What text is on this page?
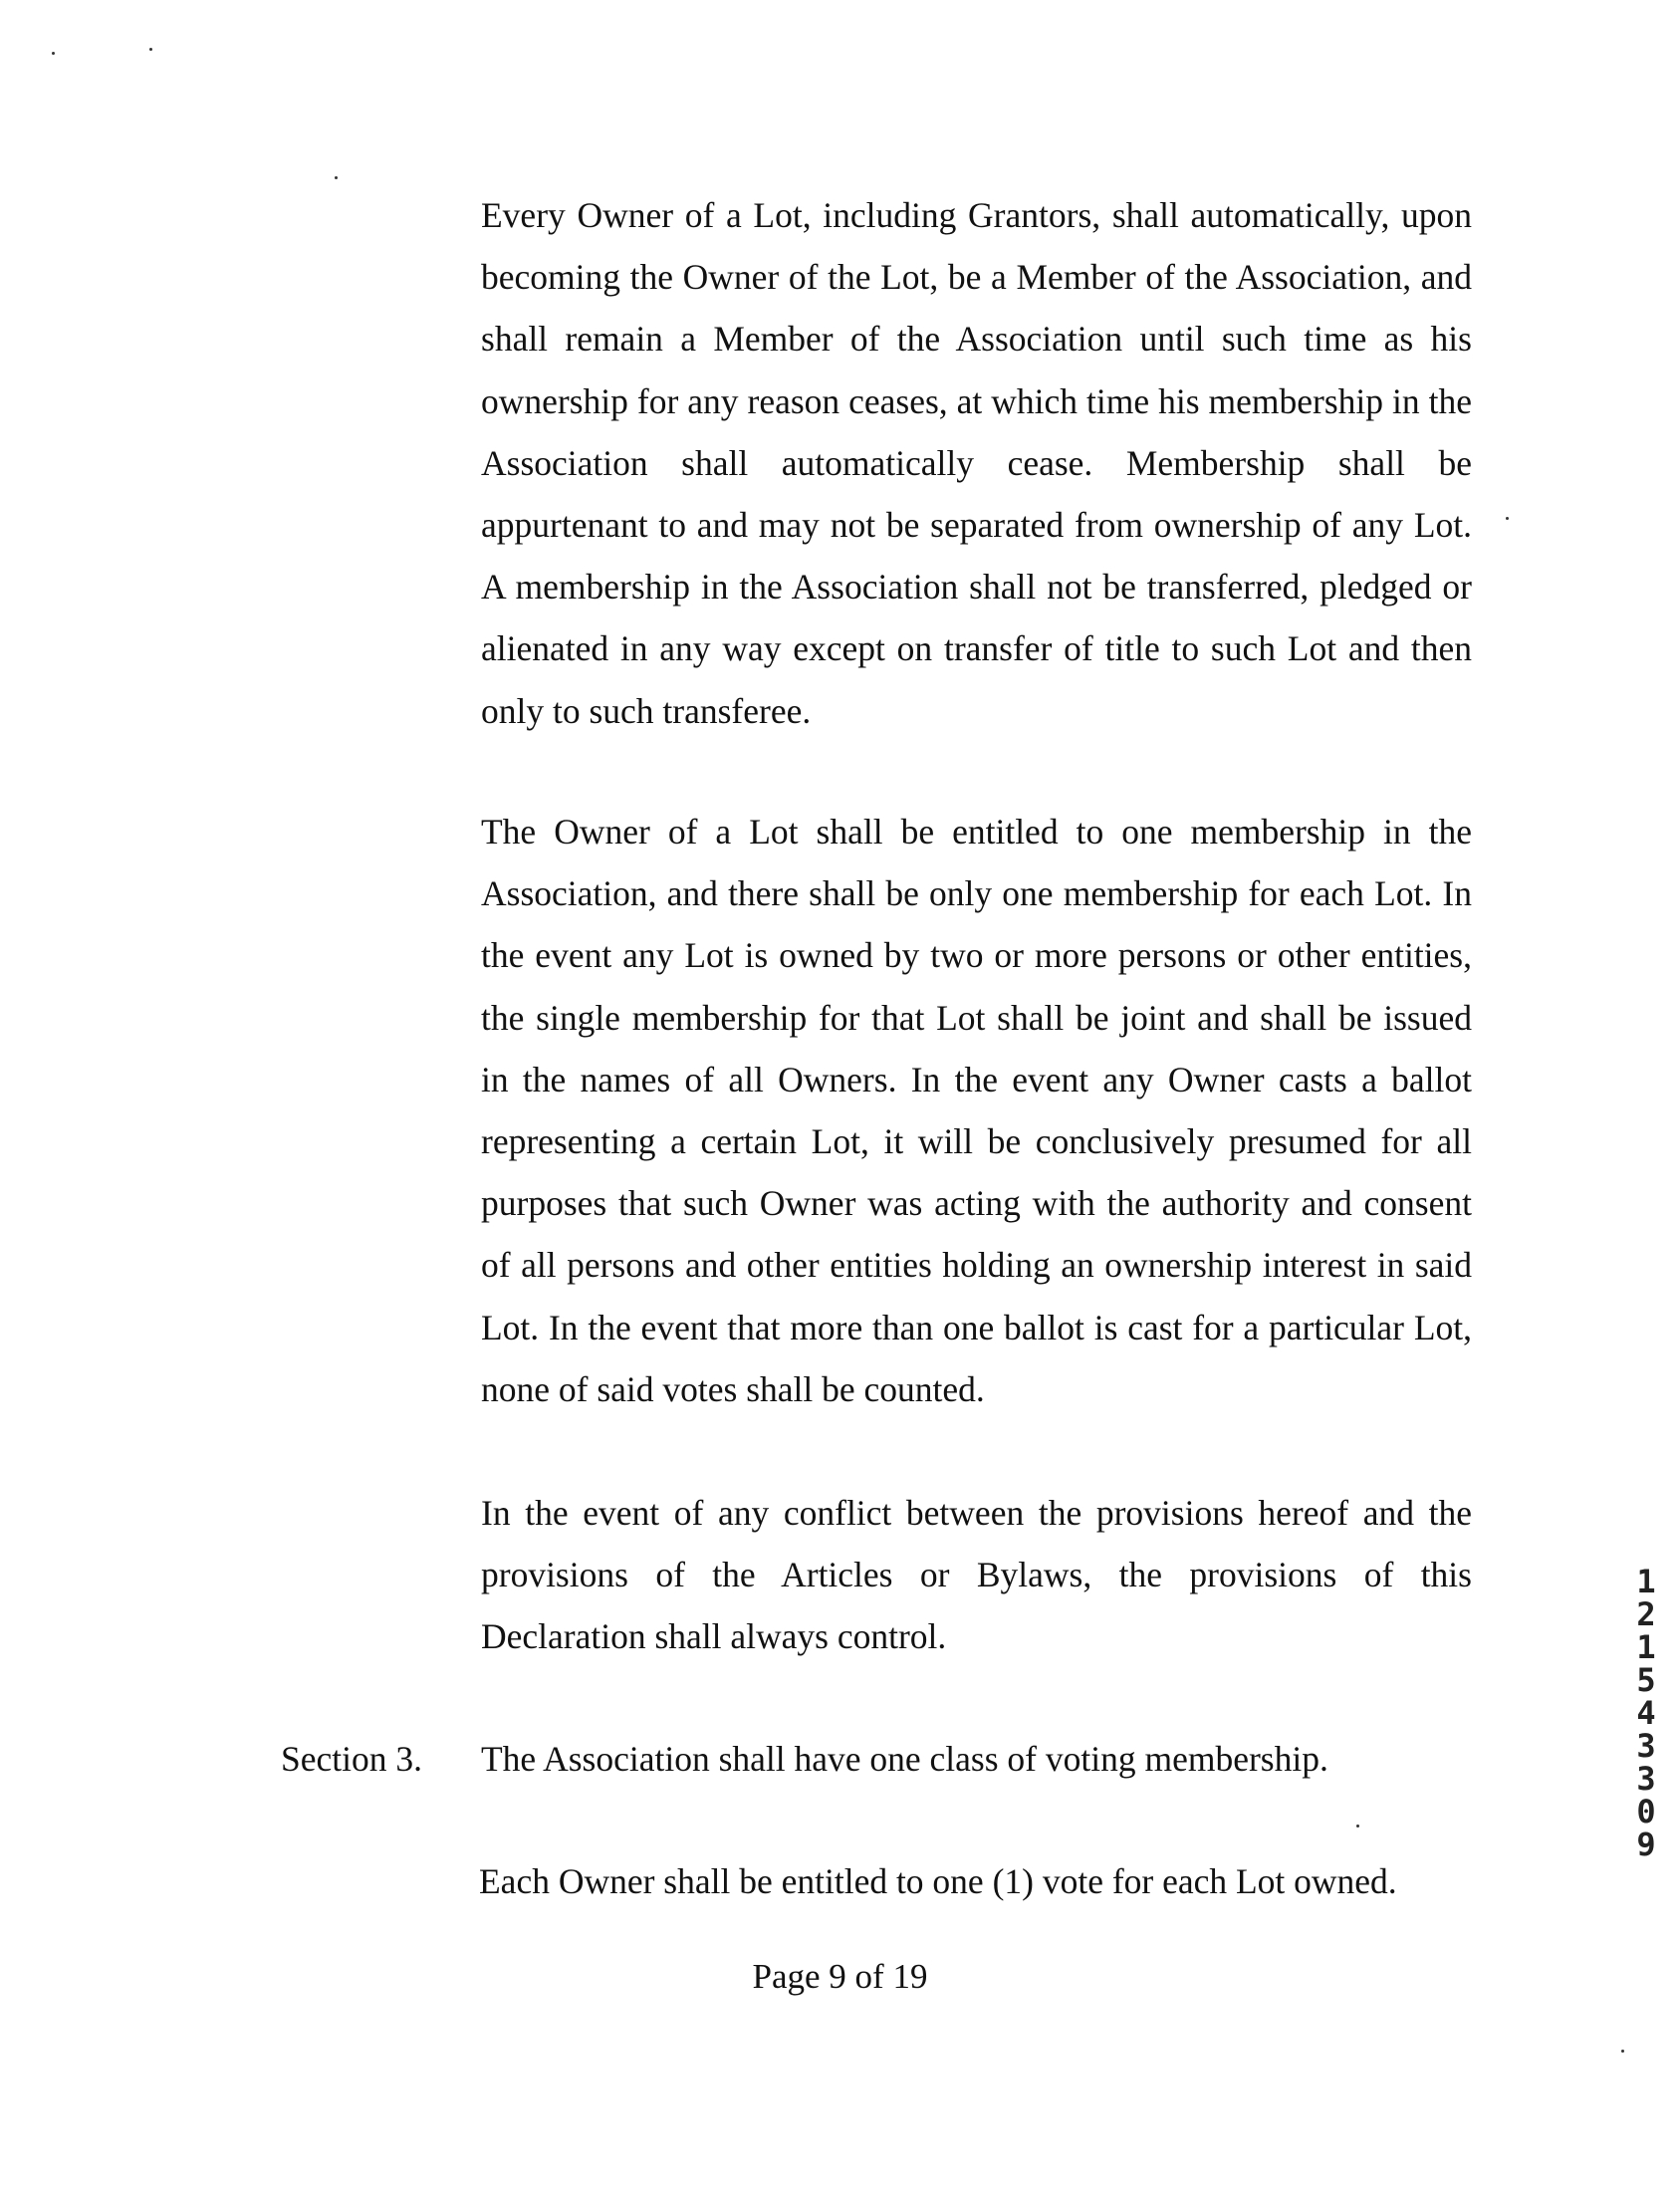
Every Owner of a Lot, including Grantors, shall automatically, upon becoming the Owner of the Lot, be a Member of the Association, and shall remain a Member of the Association until such time as his ownership for any reason ceases, at which time his membership in the Association shall automatically cease. Membership shall be appurtenant to and may not be separated from ownership of any Lot. A membership in the Association shall not be transferred, pledged or alienated in any way except on transfer of title to such Lot and then only to such transferee.

The Owner of a Lot shall be entitled to one membership in the Association, and there shall be only one membership for each Lot. In the event any Lot is owned by two or more persons or other entities, the single membership for that Lot shall be joint and shall be issued in the names of all Owners. In the event any Owner casts a ballot representing a certain Lot, it will be conclusively presumed for all purposes that such Owner was acting with the authority and consent of all persons and other entities holding an ownership interest in said Lot. In the event that more than one ballot is cast for a particular Lot, none of said votes shall be counted.

In the event of any conflict between the provisions hereof and the provisions of the Articles or Bylaws, the provisions of this Declaration shall always control.

Section 3. The Association shall have one class of voting membership.

Each Owner shall be entitled to one (1) vote for each Lot owned.

Page 9 of 19

12154 3309
